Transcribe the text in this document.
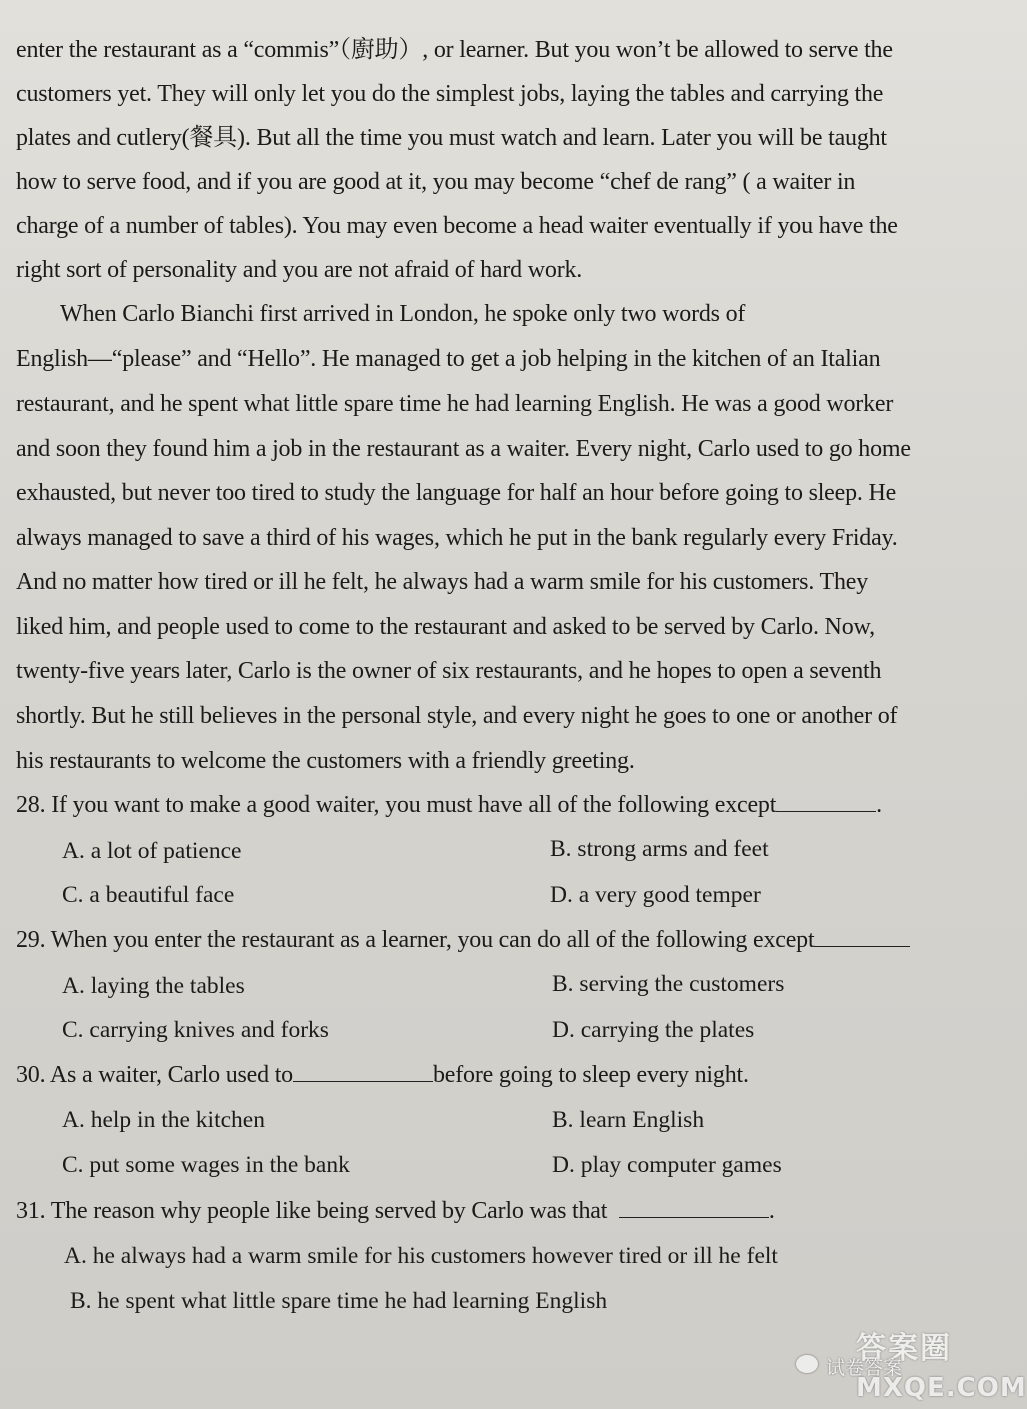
enter the restaurant as a “commis”（廚助）, or learner. But you won’t be allowed to serve the
customers yet. They will only let you do the simplest jobs, laying the tables and carrying the
plates and cutlery(餐具). But all the time you must watch and learn. Later you will be taught
how to serve food, and if you are good at it, you may become “chef de rang” ( a waiter in
charge of a number of tables). You may even become a head waiter eventually if you have the
right sort of personality and you are not afraid of hard work.
When Carlo Bianchi first arrived in London, he spoke only two words of
English—“please” and “Hello”. He managed to get a job helping in the kitchen of an Italian
restaurant, and he spent what little spare time he had learning English. He was a good worker
and soon they found him a job in the restaurant as a waiter. Every night, Carlo used to go home
exhausted, but never too tired to study the language for half an hour before going to sleep. He
always managed to save a third of his wages, which he put in the bank regularly every Friday.
And no matter how tired or ill he felt, he always had a warm smile for his customers. They
liked him, and people used to come to the restaurant and asked to be served by Carlo. Now,
twenty-five years later, Carlo is the owner of six restaurants, and he hopes to open a seventh
shortly. But he still believes in the personal style, and every night he goes to one or another of
his restaurants to welcome the customers with a friendly greeting.
28. If you want to make a good waiter, you must have all of the following except	.
A. a lot of patience	B. strong arms and feet
C. a beautiful face	D. a very good temper
29. When you enter the restaurant as a learner, you can do all of the following except
A. laying the tables	B. serving the customers
C. carrying knives and forks	D. carrying the plates
30. As a waiter, Carlo used to	before going to sleep every night.
A. help in the kitchen	B. learn English
C. put some wages in the bank	D. play computer games
31. The reason why people like being served by Carlo was that	.
A. he always had a warm smile for his customers however tired or ill he felt
B. he spent what little spare time he had learning English
答案圈
试卷答案
MXQE.COM
